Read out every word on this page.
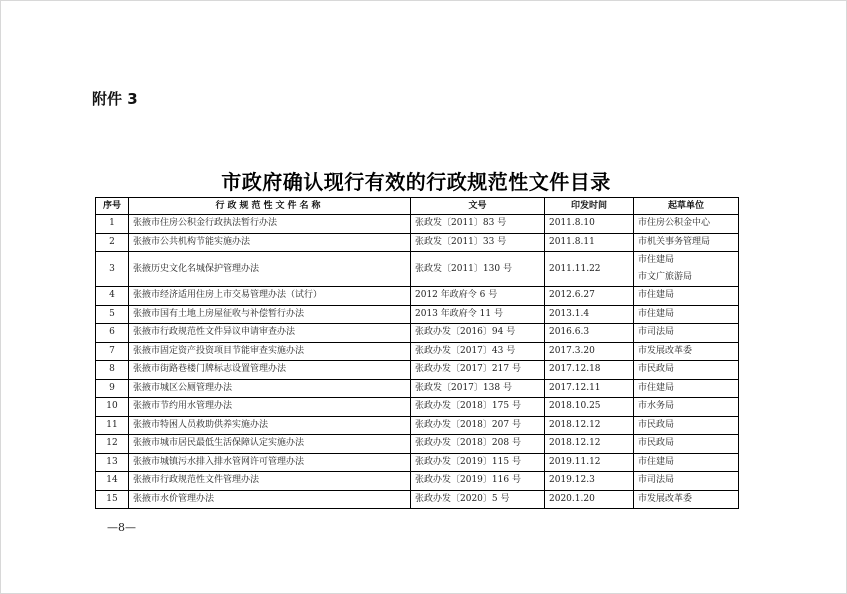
附件 3
市政府确认现行有效的行政规范性文件目录
序号	行政规范性文件名称	文号	印发时间	起草单位
1	张掖市住房公积金行政执法暂行办法	张政发〔2011〕83 号	2011.8.10	市住房公积金中心

2	张掖市公共机构节能实施办法	张政发〔2011〕33 号	2011.8.11	市机关事务管理局

3	张掖历史文化名城保护管理办法	张政发〔2011〕130 号	2011.11.22	市住建局
市文广旅游局

4	张掖市经济适用住房上市交易管理办法（试行）	2012 年政府令 6 号	2012.6.27	市住建局

5	张掖市国有土地上房屋征收与补偿暂行办法	2013 年政府令 11 号	2013.1.4	市住建局

6	张掖市行政规范性文件异议申请审查办法	张政办发〔2016〕94 号	2016.6.3	市司法局

7	张掖市固定资产投资项目节能审查实施办法	张政办发〔2017〕43 号	2017.3.20	市发展改革委

8	张掖市街路巷楼门牌标志设置管理办法	张政办发〔2017〕217 号	2017.12.18	市民政局

9	张掖市城区公厕管理办法	张政发〔2017〕138 号	2017.12.11	市住建局

10	张掖市节约用水管理办法	张政办发〔2018〕175 号	2018.10.25	市水务局

11	张掖市特困人员救助供养实施办法	张政办发〔2018〕207 号	2018.12.12	市民政局

12	张掖市城市居民最低生活保障认定实施办法	张政办发〔2018〕208 号	2018.12.12	市民政局

13	张掖市城镇污水排入排水管网许可管理办法	张政办发〔2019〕115 号	2019.11.12	市住建局

14	张掖市行政规范性文件管理办法	张政办发〔2019〕116 号	2019.12.3	市司法局

15	张掖市水价管理办法	张政办发〔2020〕5 号	2020.1.20	市发展改革委
—8—
